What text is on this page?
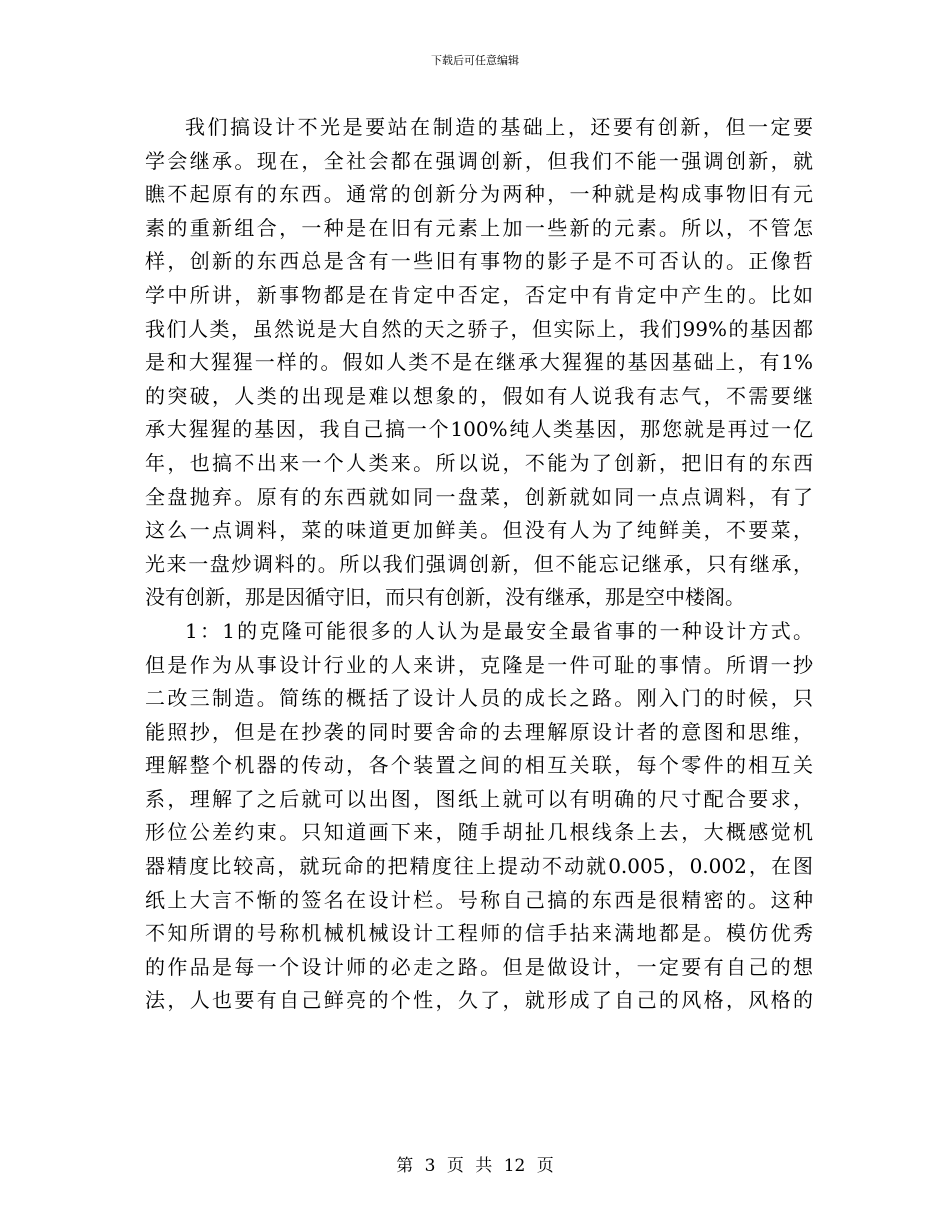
下载后可任意编辑
我们搞设计不光是要站在制造的基础上，还要有创新，但一定要
学会继承。现在，全社会都在强调创新，但我们不能一强调创新，就
瞧不起原有的东西。通常的创新分为两种，一种就是构成事物旧有元
素的重新组合，一种是在旧有元素上加一些新的元素。所以，不管怎
样，创新的东西总是含有一些旧有事物的影子是不可否认的。正像哲
学中所讲，新事物都是在肯定中否定，否定中有肯定中产生的。比如
我们人类，虽然说是大自然的天之骄子，但实际上，我们99%的基因都
是和大猩猩一样的。假如人类不是在继承大猩猩的基因基础上，有1%
的突破，人类的出现是难以想象的，假如有人说我有志气，不需要继
承大猩猩的基因，我自己搞一个100%纯人类基因，那您就是再过一亿
年，也搞不出来一个人类来。所以说，不能为了创新，把旧有的东西
全盘抛弃。原有的东西就如同一盘菜，创新就如同一点点调料，有了
这么一点调料，菜的味道更加鲜美。但没有人为了纯鲜美，不要菜，
光来一盘炒调料的。所以我们强调创新，但不能忘记继承，只有继承，
没有创新，那是因循守旧，而只有创新，没有继承，那是空中楼阁。
1：1的克隆可能很多的人认为是最安全最省事的一种设计方式。
但是作为从事设计行业的人来讲，克隆是一件可耻的事情。所谓一抄
二改三制造。简练的概括了设计人员的成长之路。刚入门的时候，只
能照抄，但是在抄袭的同时要舍命的去理解原设计者的意图和思维，
理解整个机器的传动，各个装置之间的相互关联，每个零件的相互关
系，理解了之后就可以出图，图纸上就可以有明确的尺寸配合要求，
形位公差约束。只知道画下来，随手胡扯几根线条上去，大概感觉机
器精度比较高，就玩命的把精度往上提动不动就0.005，0.002，在图
纸上大言不惭的签名在设计栏。号称自己搞的东西是很精密的。这种
不知所谓的号称机械机械设计工程师的信手拈来满地都是。模仿优秀
的作品是每一个设计师的必走之路。但是做设计，一定要有自己的想
法，人也要有自己鲜亮的个性，久了，就形成了自己的风格，风格的
第 3 页 共 12 页
